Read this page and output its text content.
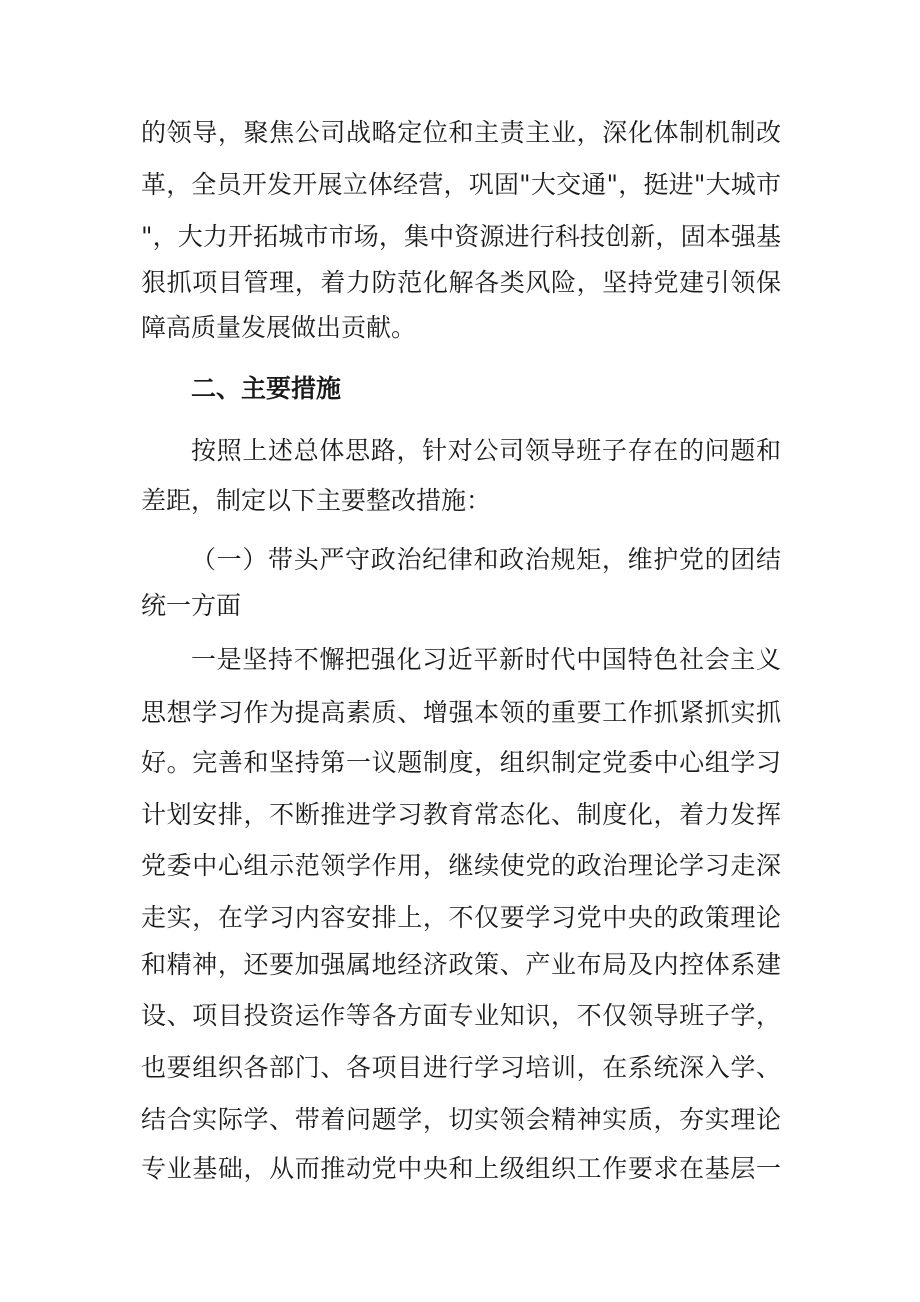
的领导，聚焦公司战略定位和主责主业，深化体制机制改
革，全员开发开展立体经营，巩固"大交通"，挺进"大城市
"，大力开拓城市市场，集中资源进行科技创新，固本强基
狠抓项目管理，着力防范化解各类风险，坚持党建引领保
障高质量发展做出贡献。
二、主要措施
按照上述总体思路，针对公司领导班子存在的问题和
差距，制定以下主要整改措施：
（一）带头严守政治纪律和政治规矩，维护党的团结
统一方面
一是坚持不懈把强化习近平新时代中国特色社会主义
思想学习作为提高素质、增强本领的重要工作抓紧抓实抓
好。完善和坚持第一议题制度，组织制定党委中心组学习
计划安排，不断推进学习教育常态化、制度化，着力发挥
党委中心组示范领学作用，继续使党的政治理论学习走深
走实，在学习内容安排上，不仅要学习党中央的政策理论
和精神，还要加强属地经济政策、产业布局及内控体系建
设、项目投资运作等各方面专业知识，不仅领导班子学，
也要组织各部门、各项目进行学习培训，在系统深入学、
结合实际学、带着问题学，切实领会精神实质，夯实理论
专业基础，从而推动党中央和上级组织工作要求在基层一
